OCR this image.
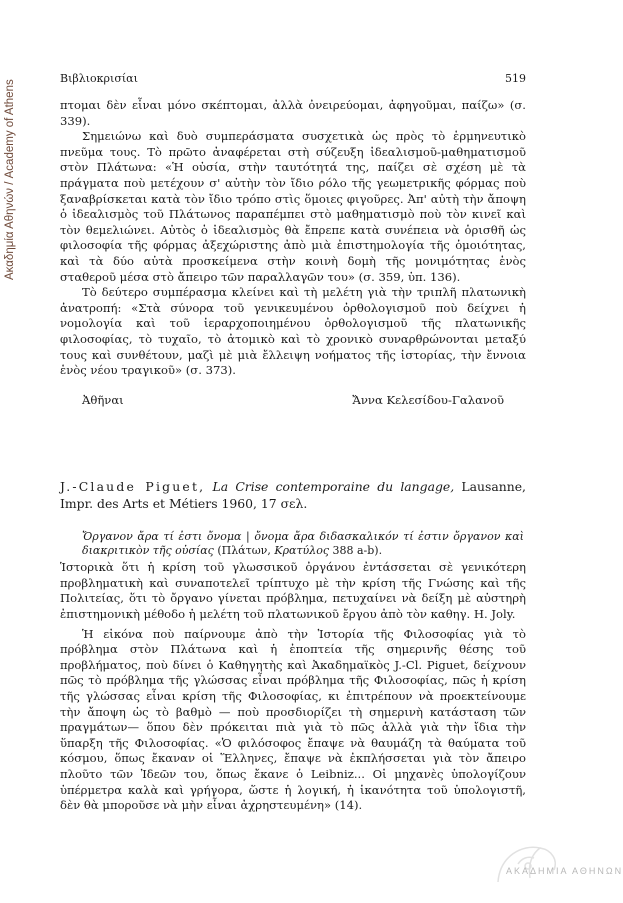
Ακαδημία Αθηνών / Academy of Athens
Βιβλιοκρισίαι	519

πτομαι δὲν εἶναι μόνο σκέπτομαι, ἀλλὰ ὀνειρεύομαι, ἀφηγοῦμαι, παίζω» (σ. 339).

Σημειώνω καὶ δυὸ συμπεράσματα συσχετικὰ ὡς πρὸς τὸ ἑρμηνευτικὸ πνεῦμα τους. Τὸ πρῶτο ἀναφέρεται στὴ σύζευξη ἰδεαλισμοῦ-μαθηματισμοῦ στὸν Πλάτωνα: «Ἡ οὐσία, στὴν ταυτότητά της, παίζει σὲ σχέση μὲ τὰ πράγματα ποὺ μετέχουν σ' αὐτὴν τὸν ἴδιο ρόλο τῆς γεωμετρικῆς φόρμας ποὺ ξαναβρίσκεται κατὰ τὸν ἴδιο τρόπο στὶς ὅμοιες φιγοῦρες. Ἀπ' αὐτὴ τὴν ἄποψη ὁ ἰδεαλισμὸς τοῦ Πλάτωνος παραπέμπει στὸ μαθηματισμὸ ποὺ τὸν κινεῖ καὶ τὸν θεμελιώνει. Αὐτὸς ὁ ἰδεαλισμὸς θὰ ἔπρεπε κατὰ συνέπεια νὰ ὁρισθῆ ὡς φιλοσοφία τῆς φόρμας ἀξεχώριστης ἀπὸ μιὰ ἐπιστημολογία τῆς ὁμοιότητας, καὶ τὰ δύο αὐτὰ προσκείμενα στὴν κοινὴ δομὴ τῆς μονιμότητας ἑνὸς σταθεροῦ μέσα στὸ ἄπειρο τῶν παραλλαγῶν του» (σ. 359, ὑπ. 136).

Τὸ δεύτερο συμπέρασμα κλείνει καὶ τὴ μελέτη γιὰ τὴν τριπλῆ πλατωνικὴ ἀνατροπή: «Στὰ σύνορα τοῦ γενικευμένου ὀρθολογισμοῦ ποὺ δείχνει ἡ νομολογία καὶ τοῦ ἱεραρχοποιημένου ὀρθολογισμοῦ τῆς πλατωνικῆς φιλοσοφίας, τὸ τυχαῖο, τὸ ἀτομικὸ καὶ τὸ χρονικὸ συναρθρώνονται μεταξύ τους καὶ συνθέτουν, μαζὶ μὲ μιὰ ἔλλειψη νοήματος τῆς ἱστορίας, τὴν ἔννοια ἑνὸς νέου τραγικοῦ» (σ. 373).

Ἀθῆναι	Ἄννα Κελεσίδου-Γαλανοῦ
J.-Claude Piguet, La Crise contemporaine du langage, Lausanne, Impr. des Arts et Métiers 1960, 17 σελ.
Ὄργανον ἄρα τί ἐστι ὄνομα | ὄνομα ἄρα διδασκαλικόν τί ἐστιν ὄργανον καὶ διακριτικὸν τῆς οὐσίας (Πλάτων, Κρατύλος 388 a-b).

Ἱστορικὰ ὅτι ἡ κρίση τοῦ γλωσσικοῦ ὀργάνου ἐντάσσεται σὲ γενικότερη προβληματικὴ καὶ συναποτελεῖ τρίπτυχο μὲ τὴν κρίση τῆς Γνώσης καὶ τῆς Πολιτείας, ὅτι τὸ ὄργανο γίνεται πρόβλημα, πετυχαίνει νὰ δείξη μὲ αὐστηρὴ ἐπιστημονικὴ μέθοδο ἡ μελέτη τοῦ πλατωνικοῦ ἔργου ἀπὸ τὸν καθηγ. H. Joly.

Ἡ εἰκόνα ποὺ παίρνουμε ἀπὸ τὴν Ἱστορία τῆς Φιλοσοφίας γιὰ τὸ πρόβλημα στὸν Πλάτωνα καὶ ἡ ἐποπτεία τῆς σημερινῆς θέσης τοῦ προβλήματος, ποὺ δίνει ὁ Καθηγητὴς καὶ Ἀκαδημαϊκὸς J.-Cl. Piguet, δείχνουν πῶς τὸ πρόβλημα τῆς γλώσσας εἶναι πρόβλημα τῆς Φιλοσοφίας, πῶς ἡ κρίση τῆς γλώσσας εἶναι κρίση τῆς Φιλοσοφίας, κι ἐπιτρέπουν νὰ προεκτείνουμε τὴν ἄποψη ὡς τὸ βαθμὸ — ποὺ προσδιορίζει τὴ σημερινὴ κατάσταση τῶν πραγμάτων— ὅπου δὲν πρόκειται πιὰ γιὰ τὸ πῶς ἀλλὰ γιὰ τὴν ἴδια τὴν ὕπαρξη τῆς Φιλοσοφίας. «Ὁ φιλόσοφος ἔπαψε νὰ θαυμάζη τὰ θαύματα τοῦ κόσμου, ὅπως ἔκαναν οἱ Ἕλληνες, ἔπαψε νὰ ἐκπλήσσεται γιὰ τὸν ἄπειρο πλοῦτο τῶν Ἰδεῶν του, ὅπως ἔκανε ὁ Leibniz... Οἱ μηχανὲς ὑπολογίζουν ὑπέρμετρα καλὰ καὶ γρήγορα, ὥστε ἡ λογική, ἡ ἱκανότητα τοῦ ὑπολογιστῆ, δὲν θὰ μποροῦσε νὰ μὴν εἶναι ἀχρηστευμένη» (14).

ΑΚΑΔΗΜΙΑ ΑΘΗΝΩΝ
